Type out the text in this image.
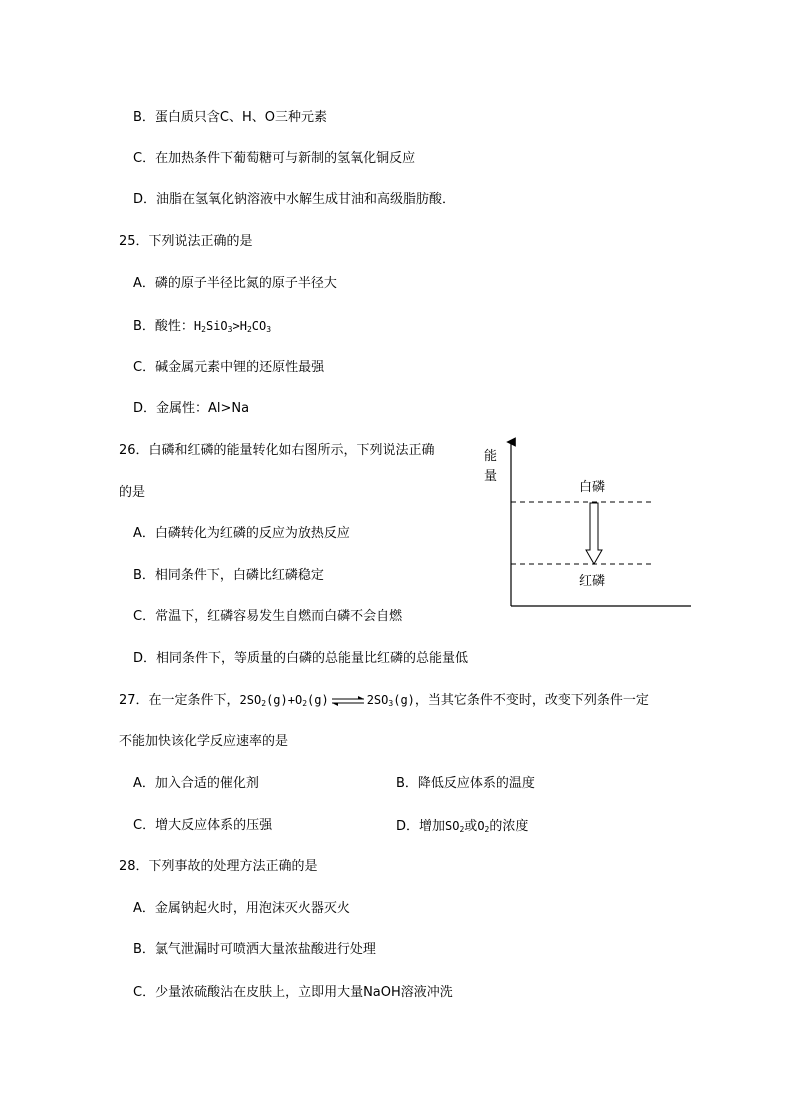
B．蛋白质只含C、H、O三种元素
C．在加热条件下葡萄糖可与新制的氢氧化铜反应
D．油脂在氢氧化钠溶液中水解生成甘油和高级脂肪酸．
25．下列说法正确的是
A．磷的原子半径比氮的原子半径大
B．酸性：$H_2SiO_3>H_2CO_3$
C．碱金属元素中锂的还原性最强
D．金属性：Al>Na
26．白磷和红磷的能量转化如右图所示，下列说法正确
的是
A．白磷转化为红磷的反应为放热反应
B．相同条件下，白磷比红磷稳定
C．常温下，红磷容易发生自燃而白磷不会自燃
D．相同条件下，等质量的白磷的总能量比红磷的总能量低
能
量
白磷
红磷
27．在一定条件下，$2SO_2(g)+O_2(g)$ ⇌ $2SO_3(g)$，当其它条件不变时，改变下列条件一定
不能加快该化学反应速率的是
A．加入合适的催化剂	B．降低反应体系的温度
C．增大反应体系的压强	D．增加$SO_2$或$O_2$的浓度
28．下列事故的处理方法正确的是
A．金属钠起火时，用泡沫灭火器灭火
B．氯气泄漏时可喷洒大量浓盐酸进行处理
C．少量浓硫酸沾在皮肤上，立即用大量NaOH溶液冲洗
